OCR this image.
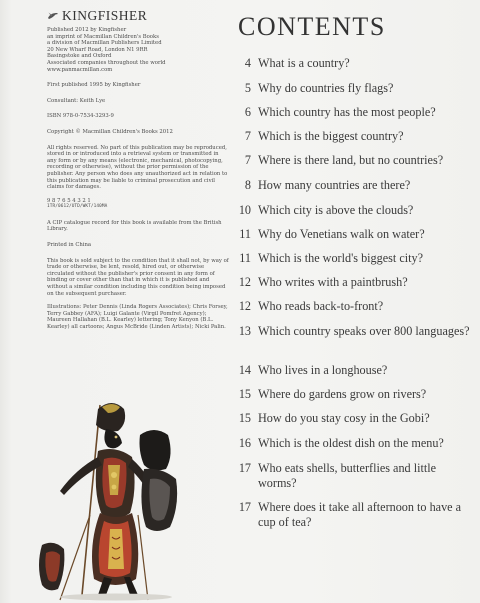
KINGFISHER

Published 2012 by Kingfisher

an imprint of Macmillan Children's Books

a division of Macmillan Publishers Limited

20 New Wharf Road, London N1 9RR

Basingstoke and Oxford

Associated companies throughout the world

www.panmacmillan.com

First published 1995 by Kingfisher

Consultant: Keith Lye

ISBN 978-0-7534-3293-9

Copyright © Macmillan Children's Books 2012

All rights reserved. No part of this publication may be reproduced, stored in or introduced into a retrieval system or transmitted in any form or by any means (electronic, mechanical, photocopying, recording or otherwise), without the prior permission of the publisher. Any person who does any unauthorized act in relation to this publication may be liable to criminal prosecution and civil claims for damages.

9 8 7 6 5 4 3 2 1

1TR/0612/UTD/WKT/140MA

A CIP catalogue record for this book is available from the British Library.

Printed in China

This book is sold subject to the condition that it shall not, by way of trade or otherwise, be lent, resold, hired out, or otherwise circulated without the publisher's prior consent in any form of binding or cover other than that in which it is published and without a similar condition including this condition being imposed on the subsequent purchaser.

Illustrations: Peter Dennis (Linda Rogers Associates); Chris Forsey, Terry Gabbey (AFA); Luigi Galante (Virgil Pomfret Agency); Maureen Hallahan (B.L. Kearley) lettering; Tony Kenyon (B.L. Kearley) all cartoons; Angus McBride (Linden Artists); Nicki Palin.

CONTENTS
4 What is a country?
5 Why do countries fly flags?
6 Which country has the most people?
7 Which is the biggest country?
7 Where is there land, but no countries?
8 How many countries are there?
10 Which city is above the clouds?
11 Why do Venetians walk on water?
11 Which is the world's biggest city?
12 Who writes with a paintbrush?
12 Who reads back-to-front?
13 Which country speaks over 800 languages?
14 Who lives in a longhouse?
15 Where do gardens grow on rivers?
15 How do you stay cosy in the Gobi?
16 Which is the oldest dish on the menu?
17 Who eats shells, butterflies and little worms?
17 Where does it take all afternoon to have a cup of tea?
